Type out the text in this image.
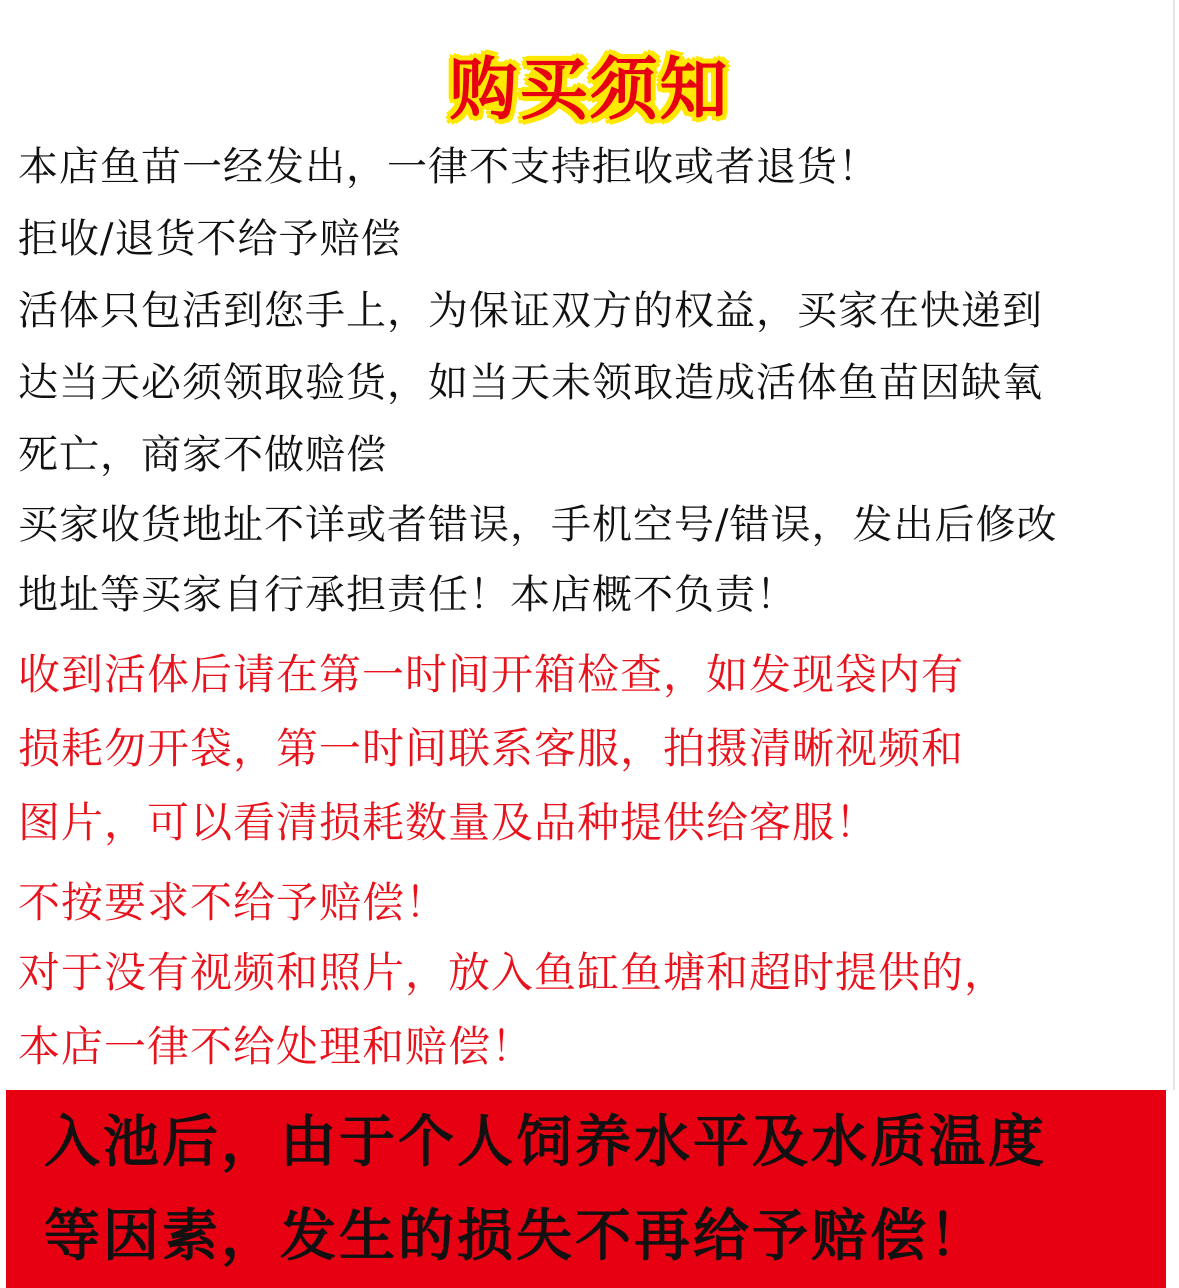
购买须知
本店鱼苗一经发出，一律不支持拒收或者退货！
拒收/退货不给予赔偿
活体只包活到您手上，为保证双方的权益，买家在快递到
达当天必须领取验货，如当天未领取造成活体鱼苗因缺氧
死亡，商家不做赔偿
买家收货地址不详或者错误，手机空号/错误，发出后修改
地址等买家自行承担责任！本店概不负责！
收到活体后请在第一时间开箱检查，如发现袋内有
损耗勿开袋，第一时间联系客服，拍摄清晰视频和
图片，可以看清损耗数量及品种提供给客服！
不按要求不给予赔偿！
对于没有视频和照片，放入鱼缸鱼塘和超时提供的，
本店一律不给处理和赔偿！
入池后，由于个人饲养水平及水质温度
等因素，发生的损失不再给予赔偿！
